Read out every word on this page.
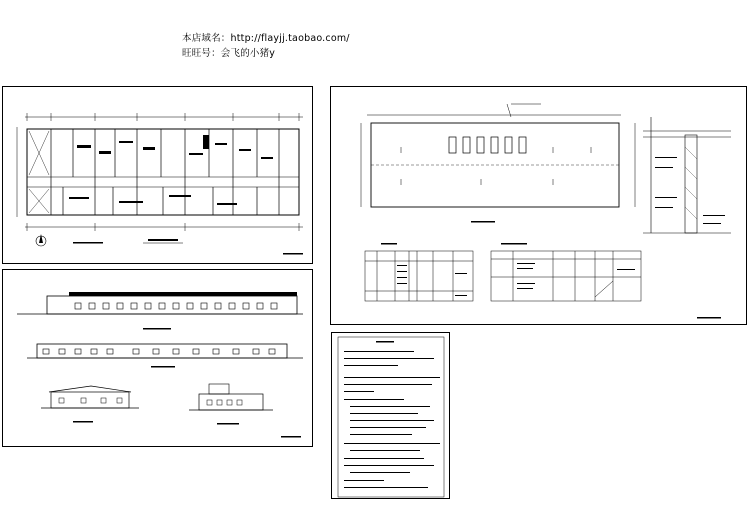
本店域名：http://flayjj.taobao.com/
旺旺号：会飞的小猪y
